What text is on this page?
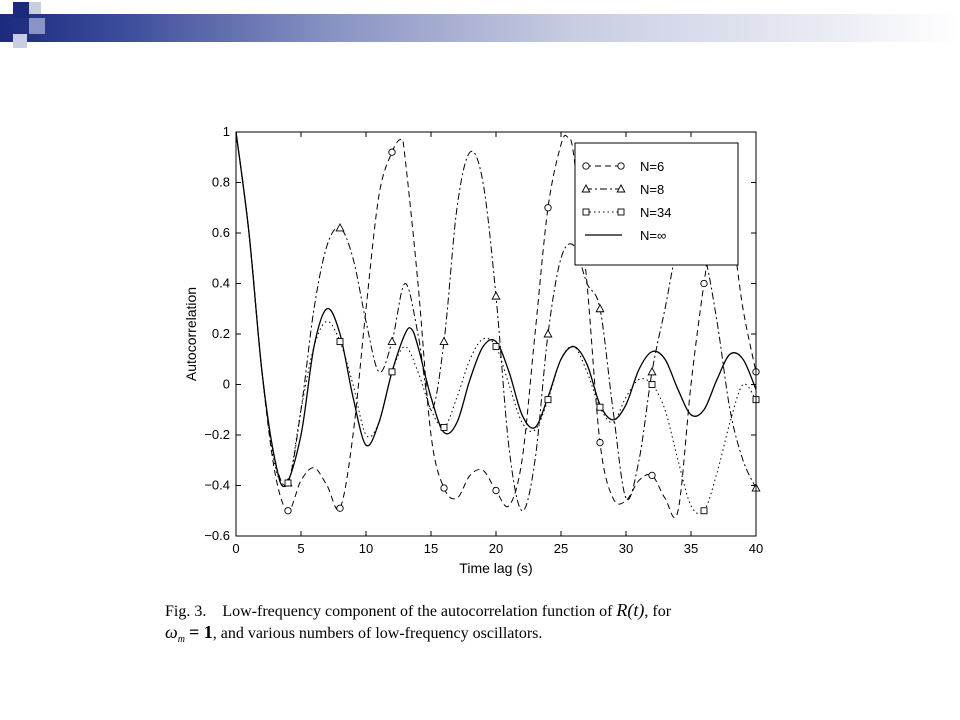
0	5	10	15	20	25	30	35	40
−0.6
−0.4
−0.2
0
0.2
0.4
0.6
0.8
1
Time lag (s)
Autocorrelation
N=6
N=8
N=34
N=∞
Fig. 3. Low-frequency component of the autocorrelation function of R(t), for
$\omega_m = 1$, and various numbers of low-frequency oscillators.
